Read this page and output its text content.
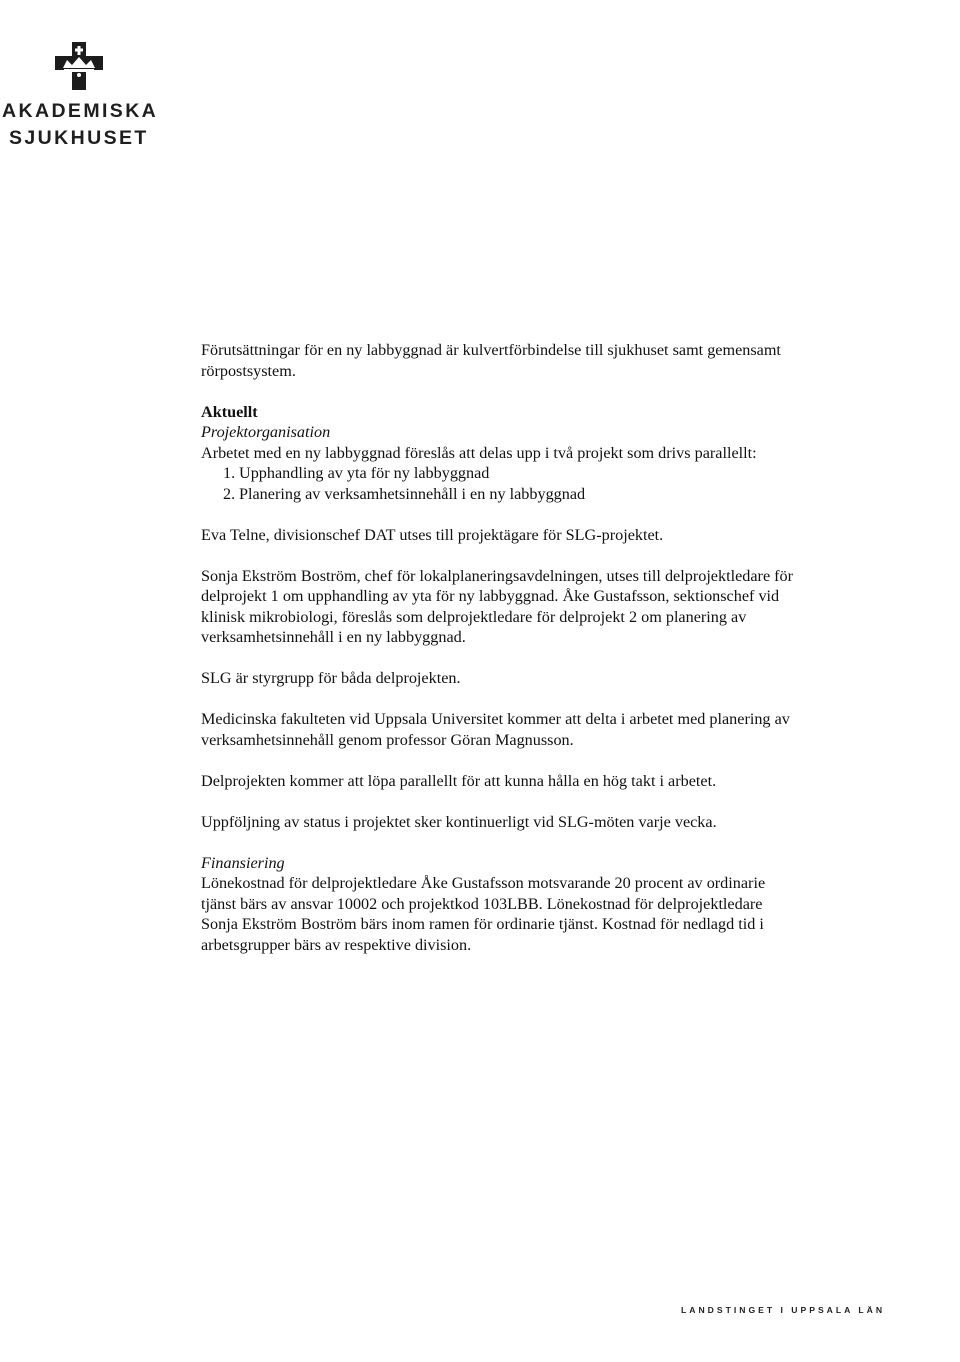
AKADEMISKA
SJUKHUSET

Förutsättningar för en ny labbyggnad är kulvertförbindelse till sjukhuset samt gemensamt rörpostsystem.

Aktuellt

Projektorganisation

Arbetet med en ny labbyggnad föreslås att delas upp i två projekt som drivs parallellt:

1. Upphandling av yta för ny labbyggnad
2. Planering av verksamhetsinnehåll i en ny labbyggnad

Eva Telne, divisionschef DAT utses till projektägare för SLG-projektet.

Sonja Ekström Boström, chef för lokalplaneringsavdelningen, utses till delprojektledare för delprojekt 1 om upphandling av yta för ny labbyggnad. Åke Gustafsson, sektionschef vid klinisk mikrobiologi, föreslås som delprojektledare för delprojekt 2 om planering av verksamhetsinnehåll i en ny labbyggnad.

SLG är styrgrupp för båda delprojekten.

Medicinska fakulteten vid Uppsala Universitet kommer att delta i arbetet med planering av verksamhetsinnehåll genom professor Göran Magnusson.

Delprojekten kommer att löpa parallellt för att kunna hålla en hög takt i arbetet.

Uppföljning av status i projektet sker kontinuerligt vid SLG-möten varje vecka.

Finansiering

Lönekostnad för delprojektledare Åke Gustafsson motsvarande 20 procent av ordinarie tjänst bärs av ansvar 10002 och projektkod 103LBB. Lönekostnad för delprojektledare Sonja Ekström Boström bärs inom ramen för ordinarie tjänst. Kostnad för nedlagd tid i arbetsgrupper bärs av respektive division.

LANDSTINGET I UPPSALA LÄN
